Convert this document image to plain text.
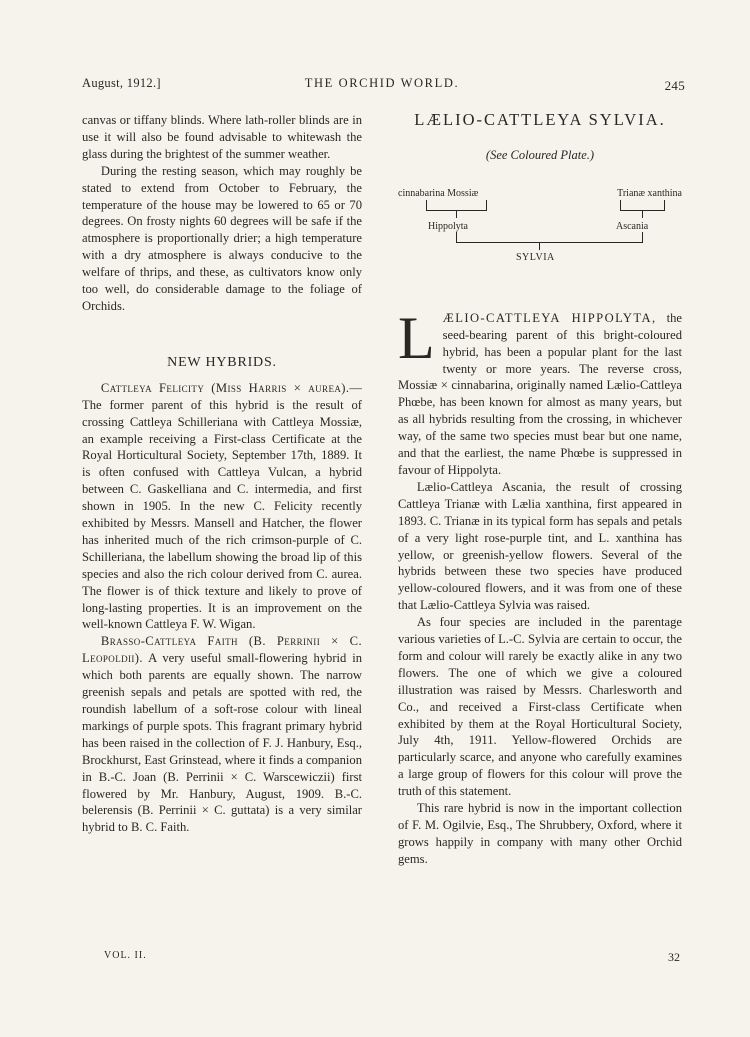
August, 1912.]	THE ORCHID WORLD.	245

canvas or tiffany blinds. Where lath-roller blinds are in use it will also be found advisable to whitewash the glass during the brightest of the summer weather.

During the resting season, which may roughly be stated to extend from October to February, the temperature of the house may be lowered to 65 or 70 degrees. On frosty nights 60 degrees will be safe if the atmosphere is proportionally drier; a high temperature with a dry atmosphere is always conducive to the welfare of thrips, and these, as cultivators know only too well, do considerable damage to the foliage of Orchids.

NEW HYBRIDS.

Cattleya Felicity (Miss Harris × aurea).—The former parent of this hybrid is the result of crossing Cattleya Schilleriana with Cattleya Mossiæ, an example receiving a First-class Certificate at the Royal Horticultural Society, September 17th, 1889. It is often confused with Cattleya Vulcan, a hybrid between C. Gaskelliana and C. intermedia, and first shown in 1905. In the new C. Felicity recently exhibited by Messrs. Mansell and Hatcher, the flower has inherited much of the rich crimson-purple of C. Schilleriana, the labellum showing the broad lip of this species and also the rich colour derived from C. aurea. The flower is of thick texture and likely to prove of long-lasting properties. It is an improvement on the well-known Cattleya F. W. Wigan.

Brasso-Cattleya Faith (B. Perrinii × C. Leopoldii). A very useful small-flowering hybrid in which both parents are equally shown. The narrow greenish sepals and petals are spotted with red, the roundish labellum of a soft-rose colour with lineal markings of purple spots. This fragrant primary hybrid has been raised in the collection of F. J. Hanbury, Esq., Brockhurst, East Grinstead, where it finds a companion in B.-C. Joan (B. Perrinii × C. Warscewiczii) first flowered by Mr. Hanbury, August, 1909. B.-C. belerensis (B. Perrinii × C. guttata) is a very similar hybrid to B. C. Faith.

LÆLIO-CATTLEYA SYLVIA.
(See Coloured Plate.)
cinnabarina Mossiæ	Trianæ xanthina
Hippolyta	Ascania
SYLVIA

LÆLIO-CATTLEYA HIPPOLYTA, the seed-bearing parent of this bright-coloured hybrid, has been a popular plant for the last twenty or more years. The reverse cross, Mossiæ × cinnabarina, originally named Lælio-Cattleya Phœbe, has been known for almost as many years, but as all hybrids resulting from the crossing, in whichever way, of the same two species must bear but one name, and that the earliest, the name Phœbe is suppressed in favour of Hippolyta.

Lælio-Cattleya Ascania, the result of crossing Cattleya Trianæ with Lælia xanthina, first appeared in 1893. C. Trianæ in its typical form has sepals and petals of a very light rose-purple tint, and L. xanthina has yellow, or greenish-yellow flowers. Several of the hybrids between these two species have produced yellow-coloured flowers, and it was from one of these that Lælio-Cattleya Sylvia was raised.

As four species are included in the parentage various varieties of L.-C. Sylvia are certain to occur, the form and colour will rarely be exactly alike in any two flowers. The one of which we give a coloured illustration was raised by Messrs. Charlesworth and Co., and received a First-class Certificate when exhibited by them at the Royal Horticultural Society, July 4th, 1911. Yellow-flowered Orchids are particularly scarce, and anyone who carefully examines a large group of flowers for this colour will prove the truth of this statement.

This rare hybrid is now in the important collection of F. M. Ogilvie, Esq., The Shrubbery, Oxford, where it grows happily in company with many other Orchid gems.

VOL. II.	32
